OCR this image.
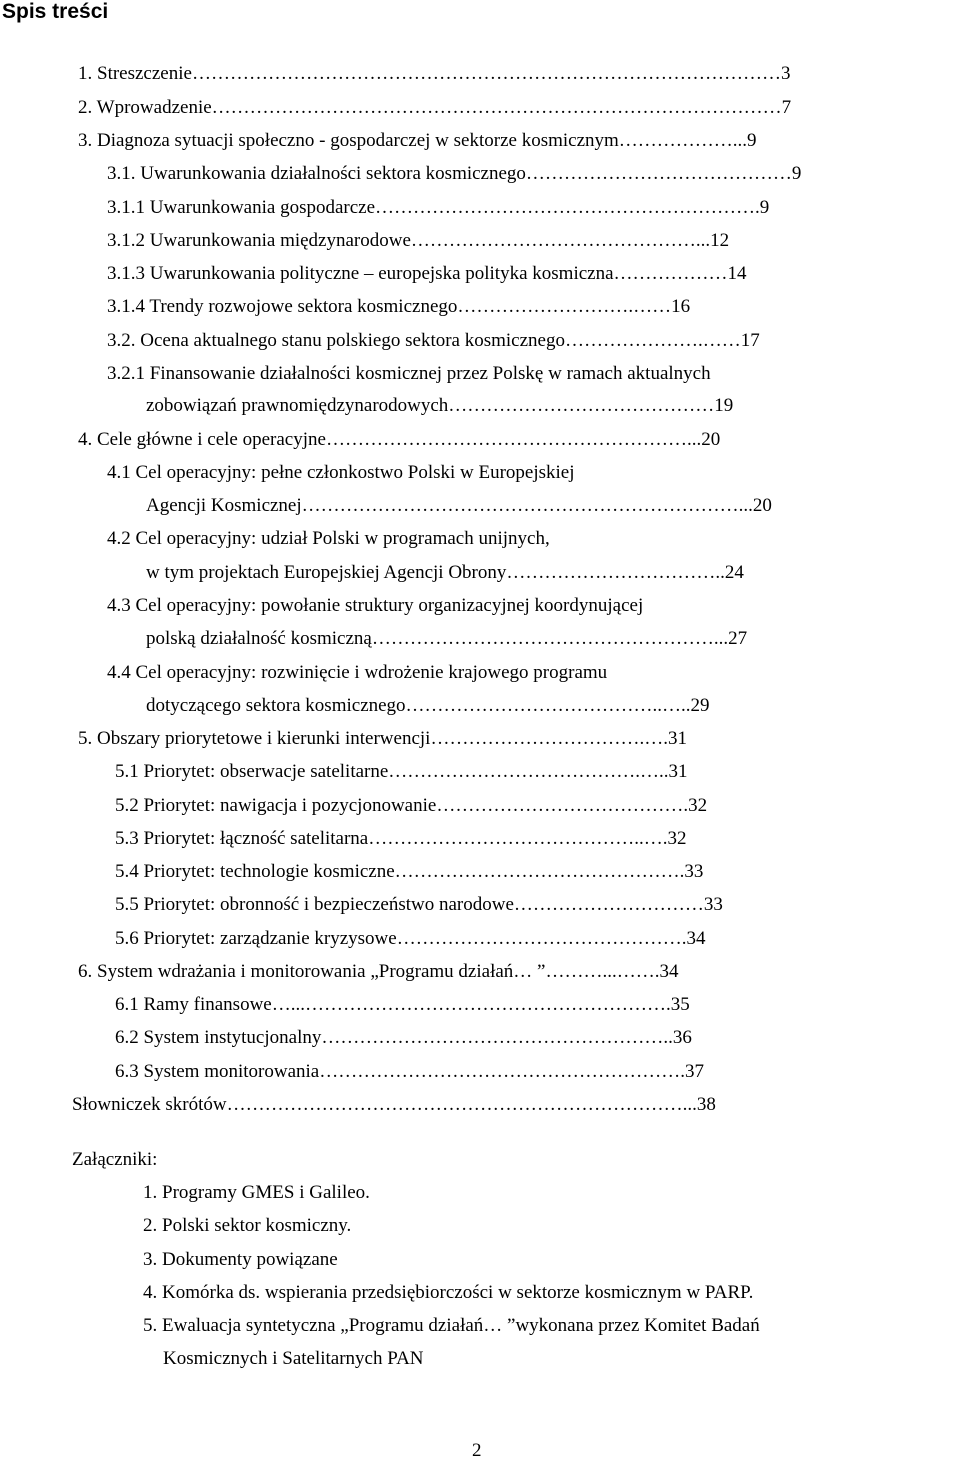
Spis treści
1. Streszczenie…………………………………………………………………………………3
2. Wprowadzenie………………………………………………………………………………7
3. Diagnoza sytuacji społeczno - gospodarczej w sektorze kosmicznym………………...9
3.1. Uwarunkowania działalności sektora kosmicznego……………………………………9
3.1.1 Uwarunkowania gospodarcze…………………………………………………….9
3.1.2 Uwarunkowania międzynarodowe………………………………………...12
3.1.3 Uwarunkowania polityczne – europejska polityka kosmiczna………………14
3.1.4 Trendy rozwojowe sektora kosmicznego……………………….……16
3.2. Ocena aktualnego stanu polskiego sektora kosmicznego………………….……17
3.2.1 Finansowanie działalności kosmicznej przez Polskę w ramach aktualnych
zobowiązań prawnomiędzynarodowych……………………………………19
4. Cele główne i cele operacyjne…………………………………………………...20
4.1 Cel operacyjny: pełne członkostwo Polski w Europejskiej
Agencji Kosmicznej……………………………………………………………...20
4.2 Cel operacyjny: udział Polski w programach unijnych,
w tym projektach Europejskiej Agencji Obrony……………………………..24
4.3 Cel operacyjny: powołanie struktury organizacyjnej koordynującej
polską działalność kosmiczną………………………………………………...27
4.4 Cel operacyjny: rozwinięcie i wdrożenie krajowego programu
dotyczącego sektora kosmicznego…………………………………..…..29
5. Obszary priorytetowe i kierunki interwencji…………………………….….31
5.1 Priorytet: obserwacje satelitarne………………………………….…..31
5.2 Priorytet: nawigacja i pozycjonowanie………………………………….32
5.3 Priorytet: łączność satelitarna……………………………………..….32
5.4 Priorytet: technologie kosmiczne……………………………………….33
5.5 Priorytet: obronność i bezpieczeństwo narodowe…………………………33
5.6 Priorytet: zarządzanie kryzysowe……………………………………….34
6. System wdrażania i monitorowania „Programu działań… ”………...…….34
6.1 Ramy finansowe…...………………………………………………….35
6.2 System instytucjonalny………………………………………………..36
6.3 System monitorowania………………………………………………….37
Słowniczek skrótów………………………………………………………………...38
Załączniki:
1. Programy GMES i Galileo.
2. Polski sektor kosmiczny.
3. Dokumenty powiązane
4. Komórka ds. wspierania przedsiębiorczości w sektorze kosmicznym w PARP.
5. Ewaluacja syntetyczna „Programu działań… ”wykonana przez Komitet Badań
Kosmicznych i Satelitarnych PAN
2
